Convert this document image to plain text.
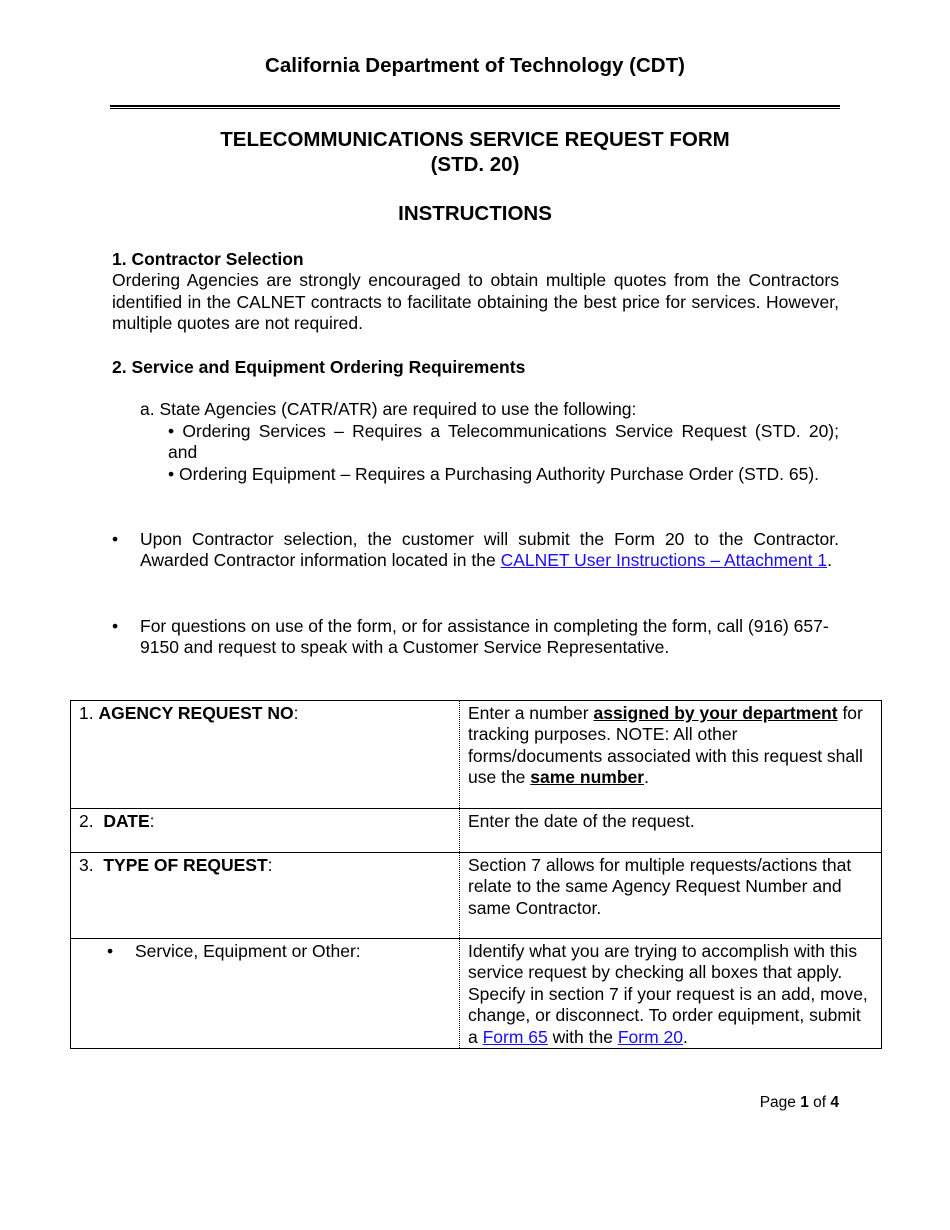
California Department of Technology (CDT)
TELECOMMUNICATIONS SERVICE REQUEST FORM
(STD. 20)
INSTRUCTIONS
1. Contractor Selection
Ordering Agencies are strongly encouraged to obtain multiple quotes from the Contractors identified in the CALNET contracts to facilitate obtaining the best price for services. However, multiple quotes are not required.
2. Service and Equipment Ordering Requirements
a. State Agencies (CATR/ATR) are required to use the following:
• Ordering Services – Requires a Telecommunications Service Request (STD. 20); and
• Ordering Equipment – Requires a Purchasing Authority Purchase Order (STD. 65).
• Upon Contractor selection, the customer will submit the Form 20 to the Contractor. Awarded Contractor information located in the CALNET User Instructions – Attachment 1.
• For questions on use of the form, or for assistance in completing the form, call (916) 657-9150 and request to speak with a Customer Service Representative.
1. AGENCY REQUEST NO:	Enter a number assigned by your department for tracking purposes. NOTE: All other forms/documents associated with this request shall use the same number.
2.  DATE:	Enter the date of the request.
3.  TYPE OF REQUEST:	Section 7 allows for multiple requests/actions that relate to the same Agency Request Number and same Contractor.
• Service, Equipment or Other:	Identify what you are trying to accomplish with this service request by checking all boxes that apply. Specify in section 7 if your request is an add, move, change, or disconnect. To order equipment, submit a Form 65 with the Form 20.
Page 1 of 4
